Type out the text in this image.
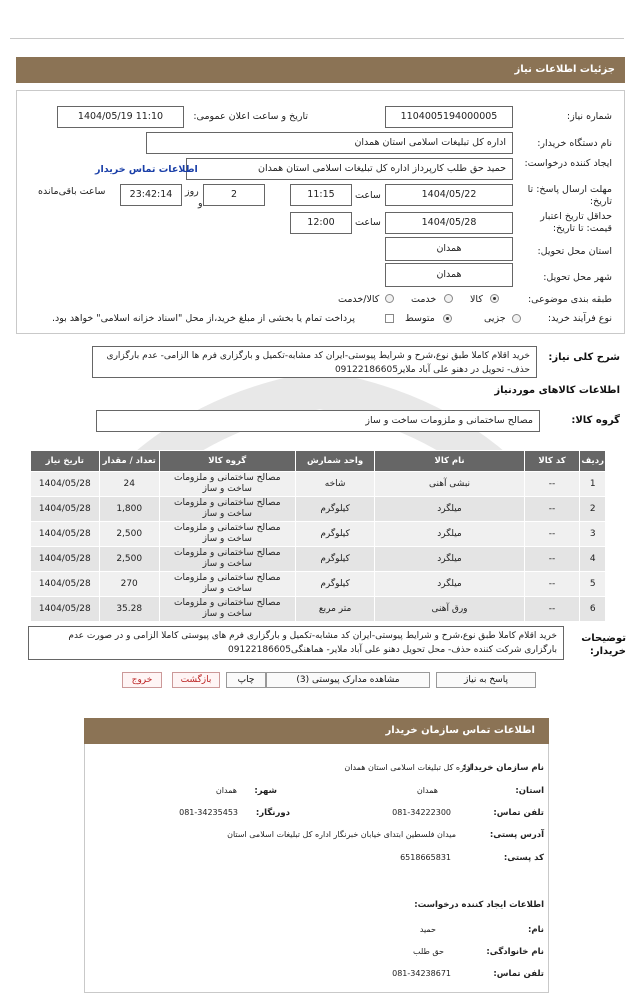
جزئیات اطلاعات نیاز
شماره نیاز:
1104005194000005
تاریخ و ساعت اعلان عمومی:
1404/05/19 11:10
نام دستگاه خریدار:
اداره کل تبلیغات اسلامی استان همدان
ایجاد کننده درخواست:
حمید حق طلب کارپرداز اداره کل تبلیغات اسلامی استان همدان
اطلاعات تماس خریدار
مهلت ارسال پاسخ: تا تاریخ:
1404/05/22
ساعت
11:15
2
روز
و
23:42:14
ساعت باقی‌مانده
حداقل تاریخ اعتبار قیمت: تا تاریخ:
1404/05/28
ساعت
12:00
استان محل تحویل:
همدان
شهر محل تحویل:
همدان
طبقه بندی موضوعی:
کالا
خدمت
کالا/خدمت
نوع فرآیند خرید:
جزیی
متوسط
پرداخت تمام یا بخشی از مبلغ خرید،از محل "اسناد خزانه اسلامی" خواهد بود.
شرح کلی نیاز:
خرید اقلام کاملا طبق نوع،شرح و شرایط پیوستی-ایران کد مشابه-تکمیل و بارگزاری فرم ها الزامی- عدم بارگزاری حذف- تحویل در دهنو علی آباد ملایر09122186605
اطلاعات کالاهای موردنیاز
گروه کالا:
مصالح ساختمانی و ملزومات ساخت و ساز
ردیف	کد کالا	نام کالا	واحد شمارش	گروه کالا	تعداد / مقدار	تاریخ نیاز
1	--	نبشی آهنی	شاخه	مصالح ساختمانی و ملزومات ساخت و ساز	24	1404/05/28
2	--	میلگرد	کیلوگرم	مصالح ساختمانی و ملزومات ساخت و ساز	1,800	1404/05/28
3	--	میلگرد	کیلوگرم	مصالح ساختمانی و ملزومات ساخت و ساز	2,500	1404/05/28
4	--	میلگرد	کیلوگرم	مصالح ساختمانی و ملزومات ساخت و ساز	2,500	1404/05/28
5	--	میلگرد	کیلوگرم	مصالح ساختمانی و ملزومات ساخت و ساز	270	1404/05/28
6	--	ورق آهنی	متر مربع	مصالح ساختمانی و ملزومات ساخت و ساز	35.28	1404/05/28
توضیحات خریدار:
خرید اقلام کاملا طبق نوع،شرح و شرایط پیوستی-ایران کد مشابه-تکمیل و بارگزاری فرم های پیوستی کاملا الزامی و در صورت عدم بارگزاری شرکت کننده حذف- محل تحویل دهنو علی آباد ملایر- هماهنگی09122186605
پاسخ به نیاز
مشاهده مدارک پیوستی (3)
چاپ
بازگشت
خروج
اطلاعات تماس سازمان خریدار
نام سازمان خریدار:
اداره کل تبلیغات اسلامی استان همدان
استان:
همدان
شهر:
همدان
تلفن تماس:
081-34222300
دورنگار:
081-34235453
آدرس پستی:
میدان فلسطین ابتدای خیابان خبرنگار اداره کل تبلیغات اسلامی استان
کد پستی:
6518665831
اطلاعات ایجاد کننده درخواست:
نام:
حمید
نام خانوادگی:
حق طلب
تلفن تماس:
081-34238671
